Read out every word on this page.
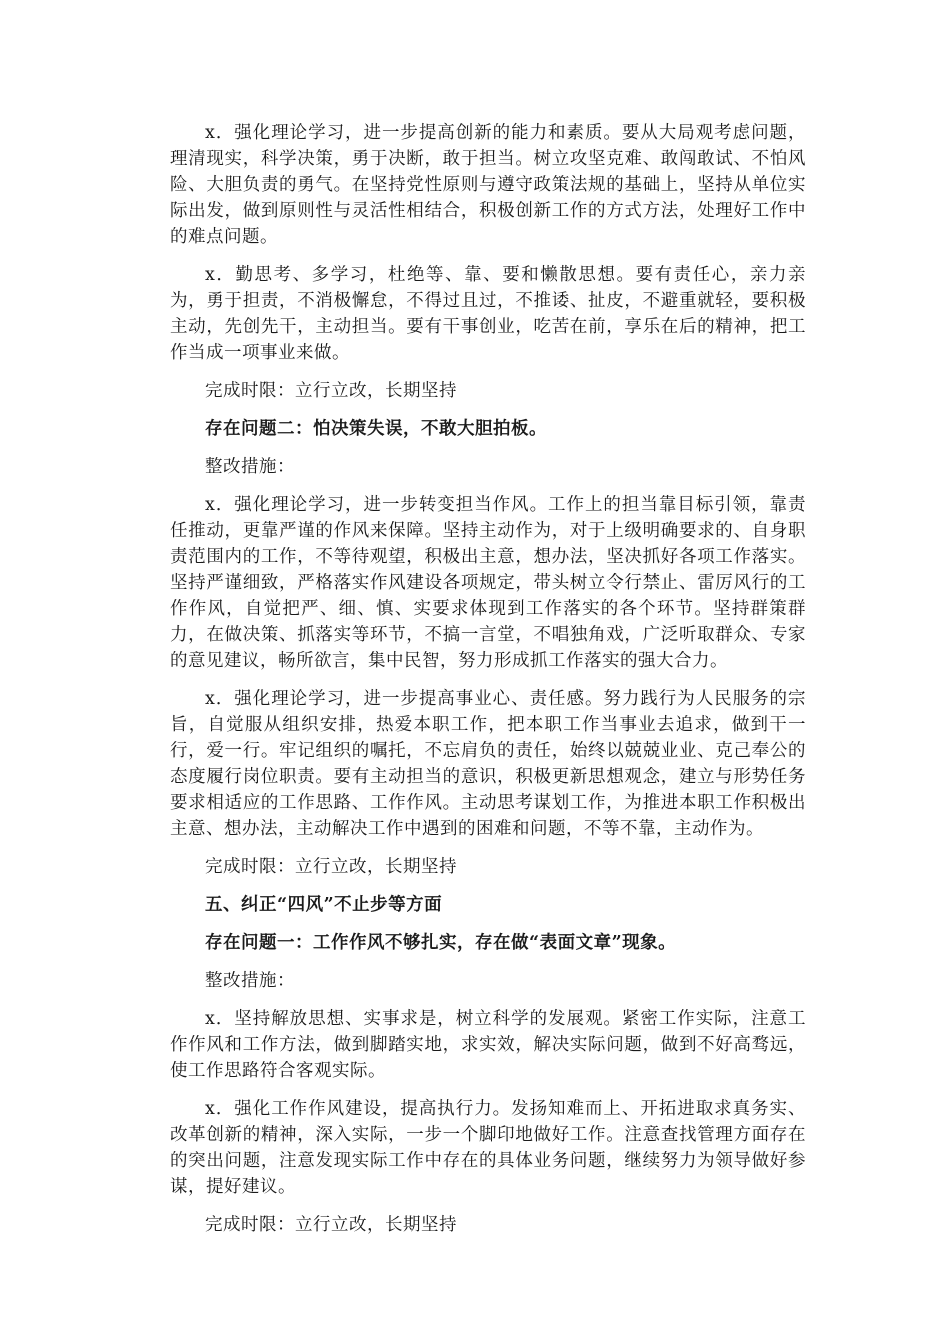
x．强化理论学习，进一步提高创新的能力和素质。要从大局观考虑问题，理清现实，科学决策，勇于决断，敢于担当。树立攻坚克难、敢闯敢试、不怕风险、大胆负责的勇气。在坚持党性原则与遵守政策法规的基础上，坚持从单位实际出发，做到原则性与灵活性相结合，积极创新工作的方式方法，处理好工作中的难点问题。

x．勤思考、多学习，杜绝等、靠、要和懒散思想。要有责任心，亲力亲为，勇于担责，不消极懈怠，不得过且过，不推诿、扯皮，不避重就轻，要积极主动，先创先干，主动担当。要有干事创业，吃苦在前，享乐在后的精神，把工作当成一项事业来做。

完成时限：立行立改，长期坚持

存在问题二：怕决策失误，不敢大胆拍板。

整改措施：

x．强化理论学习，进一步转变担当作风。工作上的担当靠目标引领，靠责任推动，更靠严谨的作风来保障。坚持主动作为，对于上级明确要求的、自身职责范围内的工作，不等待观望，积极出主意，想办法，坚决抓好各项工作落实。坚持严谨细致，严格落实作风建设各项规定，带头树立令行禁止、雷厉风行的工作作风，自觉把严、细、慎、实要求体现到工作落实的各个环节。坚持群策群力，在做决策、抓落实等环节，不搞一言堂，不唱独角戏，广泛听取群众、专家的意见建议，畅所欲言，集中民智，努力形成抓工作落实的强大合力。

x．强化理论学习，进一步提高事业心、责任感。努力践行为人民服务的宗旨，自觉服从组织安排，热爱本职工作，把本职工作当事业去追求，做到干一行，爱一行。牢记组织的嘱托，不忘肩负的责任，始终以兢兢业业、克己奉公的态度履行岗位职责。要有主动担当的意识，积极更新思想观念，建立与形势任务要求相适应的工作思路、工作作风。主动思考谋划工作，为推进本职工作积极出主意、想办法，主动解决工作中遇到的困难和问题，不等不靠，主动作为。

完成时限：立行立改，长期坚持

五、纠正“四风”不止步等方面

存在问题一：工作作风不够扎实，存在做“表面文章”现象。

整改措施：

x．坚持解放思想、实事求是，树立科学的发展观。紧密工作实际，注意工作作风和工作方法，做到脚踏实地，求实效，解决实际问题，做到不好高骛远，使工作思路符合客观实际。

x．强化工作作风建设，提高执行力。发扬知难而上、开拓进取求真务实、改革创新的精神，深入实际，一步一个脚印地做好工作。注意查找管理方面存在的突出问题，注意发现实际工作中存在的具体业务问题，继续努力为领导做好参谋，提好建议。

完成时限：立行立改，长期坚持
